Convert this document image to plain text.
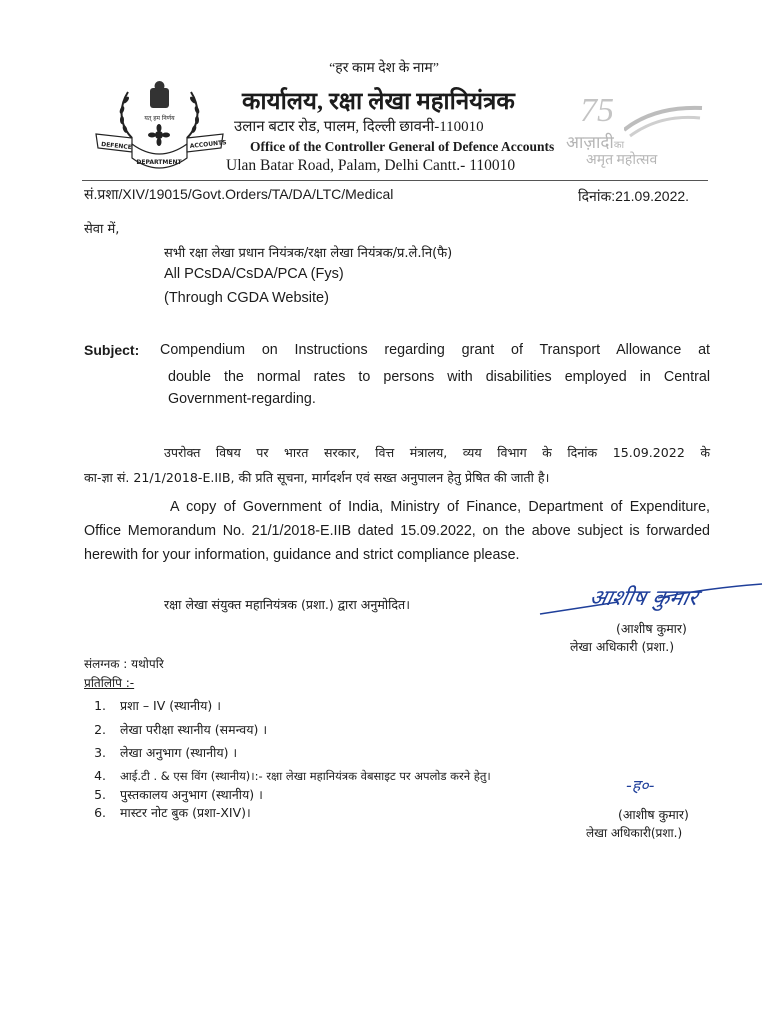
यत् हम निर्णय
DEFENCE
DEPARTMENT
ACCOUNTS
“हर काम देश के नाम”
कार्यालय, रक्षा लेखा महानियंत्रक
उलान बटार रोड, पालम, दिल्ली छावनी-110010
Office of the Controller General of Defence Accounts
Ulan Batar Road, Palam, Delhi Cantt.- 110010
75
आज़ादीका
अमृत महोत्सव
सं.प्रशा/XIV/19015/Govt.Orders/TA/DA/LTC/Medical	दिनांक:21.09.2022.
सेवा में,
सभी रक्षा लेखा प्रधान नियंत्रक/रक्षा लेखा नियंत्रक/प्र.ले.नि(फै)
All PCsDA/CsDA/PCA (Fys)
(Through CGDA Website)
Subject: Compendium on Instructions regarding grant of Transport Allowance at
double the normal rates to persons with disabilities employed in Central
Government-regarding.
उपरोक्त विषय पर भारत सरकार, वित्त मंत्रालय, व्यय विभाग के दिनांक 15.09.2022 के
का-ज्ञा सं. 21/1/2018-E.IIB, की प्रति सूचना, मार्गदर्शन एवं सख्त अनुपालन हेतु प्रेषित की जाती है।
A copy of Government of India, Ministry of Finance, Department of Expenditure, Office Memorandum No. 21/1/2018-E.IIB dated 15.09.2022, on the above subject is forwarded herewith for your information, guidance and strict compliance please.
रक्षा लेखा संयुक्त महानियंत्रक (प्रशा.) द्वारा अनुमोदित।	आशीष कुमार
(आशीष कुमार)
लेखा अधिकारी (प्रशा.)
संलग्नक : यथोपरि
प्रतिलिपि :-
1. प्रशा – IV (स्थानीय) ।
2. लेखा परीक्षा स्थानीय (समन्वय) ।
3. लेखा अनुभाग (स्थानीय) ।
4. आई.टी . & एस विंग (स्थानीय)।:- रक्षा लेखा महानियंत्रक वेबसाइट पर अपलोड करने हेतु।
5. पुस्तकालय अनुभाग (स्थानीय) ।
6. मास्टर नोट बुक (प्रशा-XIV)।
-ह०-
(आशीष कुमार)
लेखा अधिकारी(प्रशा.)
